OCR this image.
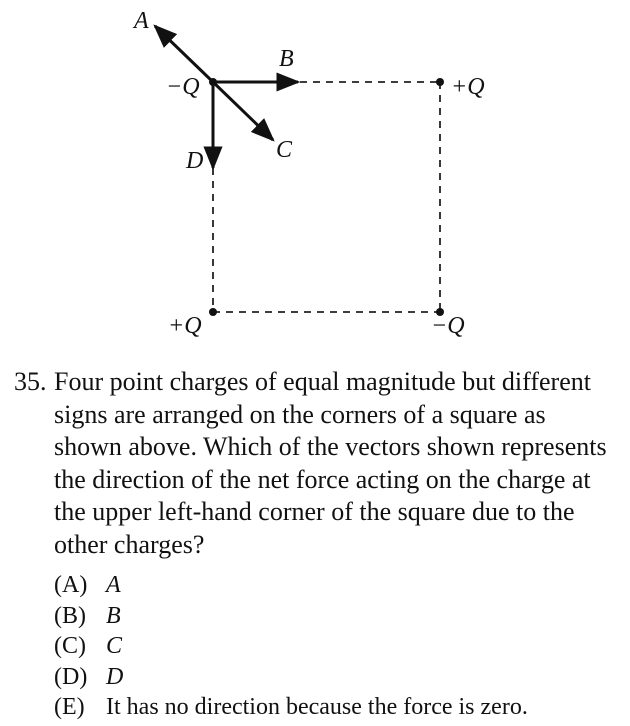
A
B
C
D
−Q	+Q
+Q	−Q
35. Four point charges of equal magnitude but different signs are arranged on the corners of a square as shown above. Which of the vectors shown represents the direction of the net force acting on the charge at the upper left-hand corner of the square due to the other charges?
(A) A
(B) B
(C) C
(D) D
(E) It has no direction because the force is zero.
